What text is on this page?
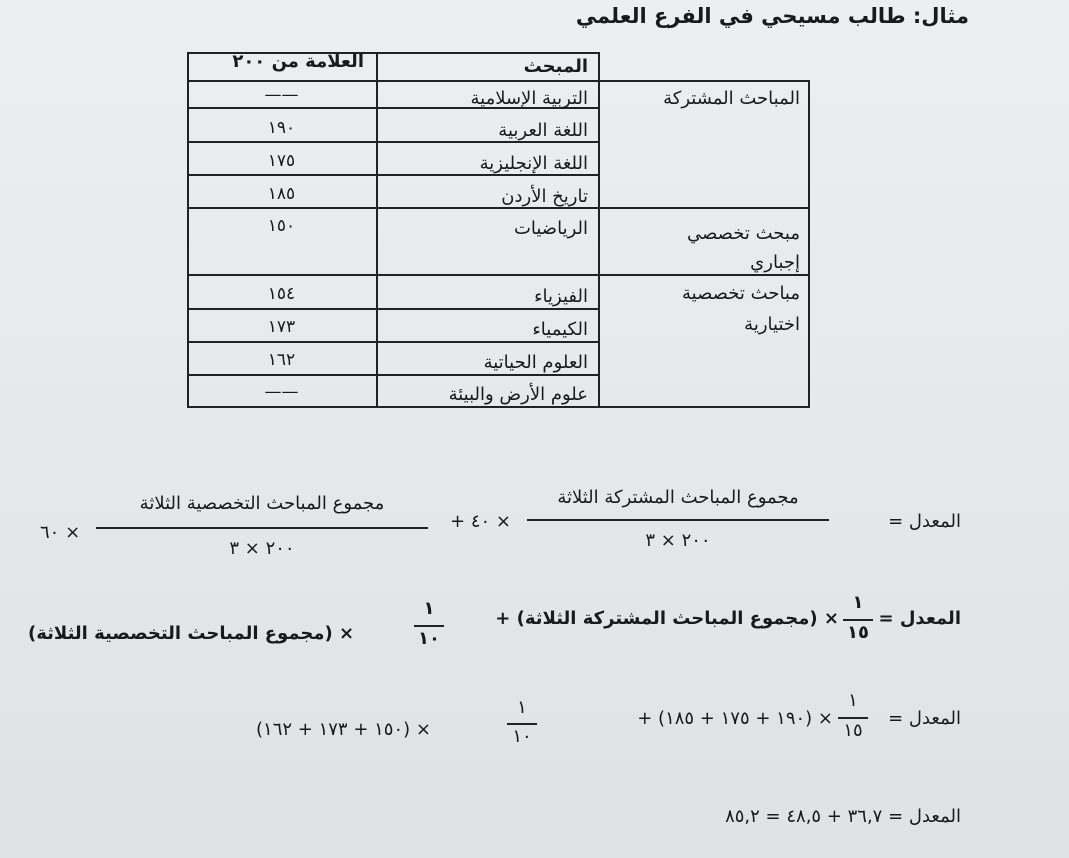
مثال: طالب مسيحي في الفرع العلمي
المبحث
العلامة من ٢٠٠
المباحث المشتركة
مبحث تخصصي
إجباري
مباحث تخصصية
اختيارية
التربية الإسلامية
اللغة العربية
اللغة الإنجليزية
تاريخ الأردن
الرياضيات
الفيزياء
الكيمياء
العلوم الحياتية
علوم الأرض والبيئة
——
١٩٠
١٧٥
١٨٥
١٥٠
١٥٤
١٧٣
١٦٢
——
المعدل =
مجموع المباحث المشتركة الثلاثة
٢٠٠ × ٣
× ٤٠ +
مجموع المباحث التخصصية الثلاثة
٢٠٠ × ٣
× ٦٠
المعدل =
١
١٥
× (مجموع المباحث المشتركة الثلاثة) +
١
١٠
× (مجموع المباحث التخصصية الثلاثة)
المعدل =
١
١٥
× (١٩٠ + ١٧٥ + ١٨٥) +
١
١٠
× (١٥٠ + ١٧٣ + ١٦٢)
المعدل = ٣٦,٧ + ٤٨,٥ = ٨٥,٢
